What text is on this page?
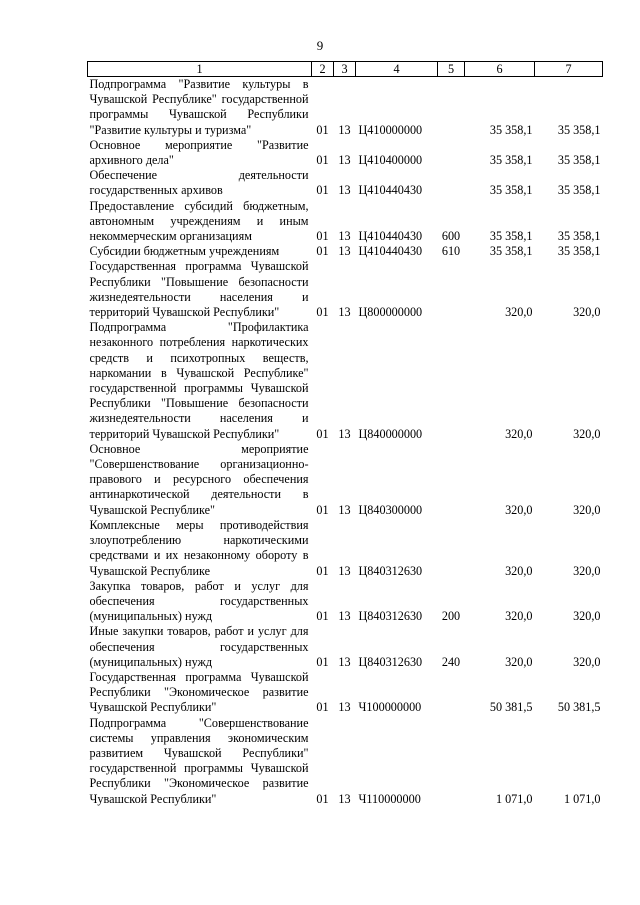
9
1	2	3	4	5	6	7
Подпрограмма "Развитие культуры в Чувашской Республике" государственной программы Чувашской Республики "Развитие культуры и туризма"	01	13	Ц410000000		35 358,1	35 358,1
Основное мероприятие "Развитие архивного дела"	01	13	Ц410400000		35 358,1	35 358,1
Обеспечение деятельности государственных архивов	01	13	Ц410440430		35 358,1	35 358,1
Предоставление субсидий бюджетным, автономным учреждениям и иным некоммерческим организациям	01	13	Ц410440430	600	35 358,1	35 358,1
Субсидии бюджетным учреждениям	01	13	Ц410440430	610	35 358,1	35 358,1
Государственная программа Чувашской Республики "Повышение безопасности жизнедеятельности населения и территорий Чувашской Республики"	01	13	Ц800000000		320,0	320,0
Подпрограмма "Профилактика незаконного потребления наркотических средств и психотропных веществ, наркомании в Чувашской Республике" государственной программы Чувашской Республики "Повышение безопасности жизнедеятельности населения и территорий Чувашской Республики"	01	13	Ц840000000		320,0	320,0
Основное мероприятие "Совершенствование организационно-правового и ресурсного обеспечения антинаркотической деятельности в Чувашской Республике"	01	13	Ц840300000		320,0	320,0
Комплексные меры противодействия злоупотреблению наркотическими средствами и их незаконному обороту в Чувашской Республике	01	13	Ц840312630		320,0	320,0
Закупка товаров, работ и услуг для обеспечения государственных (муниципальных) нужд	01	13	Ц840312630	200	320,0	320,0
Иные закупки товаров, работ и услуг для обеспечения государственных (муниципальных) нужд	01	13	Ц840312630	240	320,0	320,0
Государственная программа Чувашской Республики "Экономическое развитие Чувашской Республики"	01	13	Ч100000000		50 381,5	50 381,5
Подпрограмма "Совершенствование системы управления экономическим развитием Чувашской Республики" государственной программы Чувашской Республики "Экономическое развитие Чувашской Республики"	01	13	Ч110000000		1 071,0	1 071,0
